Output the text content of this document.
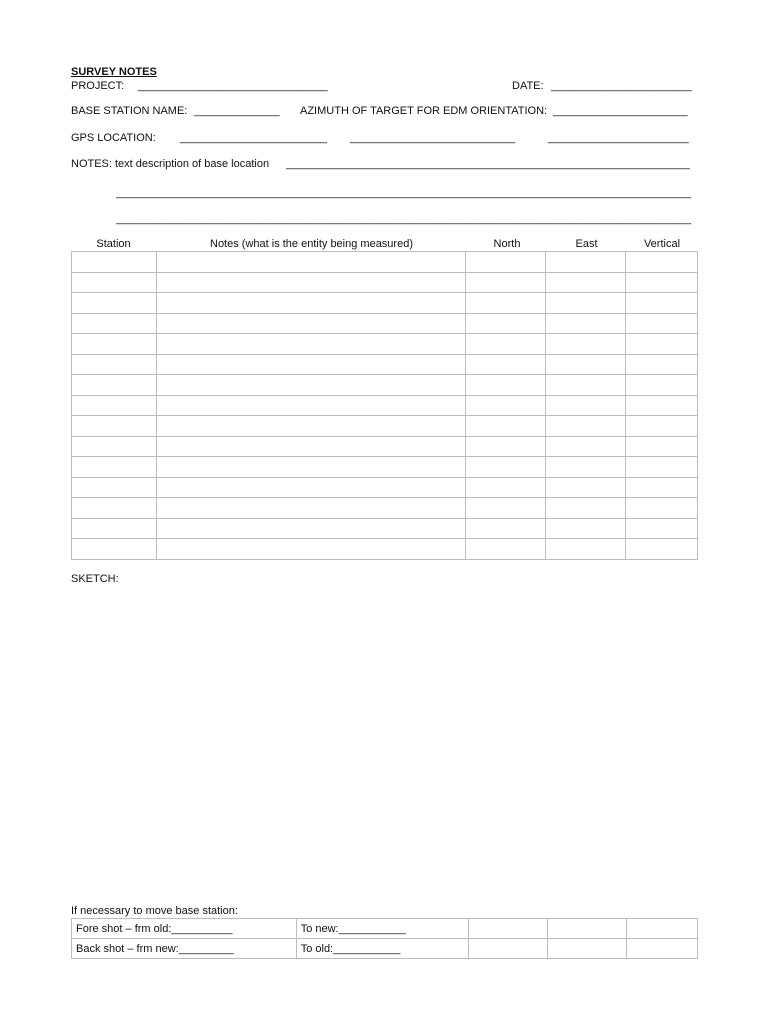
SURVEY NOTES
PROJECT: _______________________________	DATE: _______________________
BASE STATION NAME: ______________ AZIMUTH OF TARGET FOR EDM ORIENTATION: ______________________
GPS LOCATION: ________________________ ___________________________	_______________________
NOTES: text description of base location __________________________________________________________________
______________________________________________________________________________________________
______________________________________________________________________________________________
Station	Notes (what is the entity being measured)	North	East	Vertical

SKETCH:
If necessary to move base station:
Fore shot – frm old:__________	To new:___________			
Back shot – frm new:_________	To old:___________			
